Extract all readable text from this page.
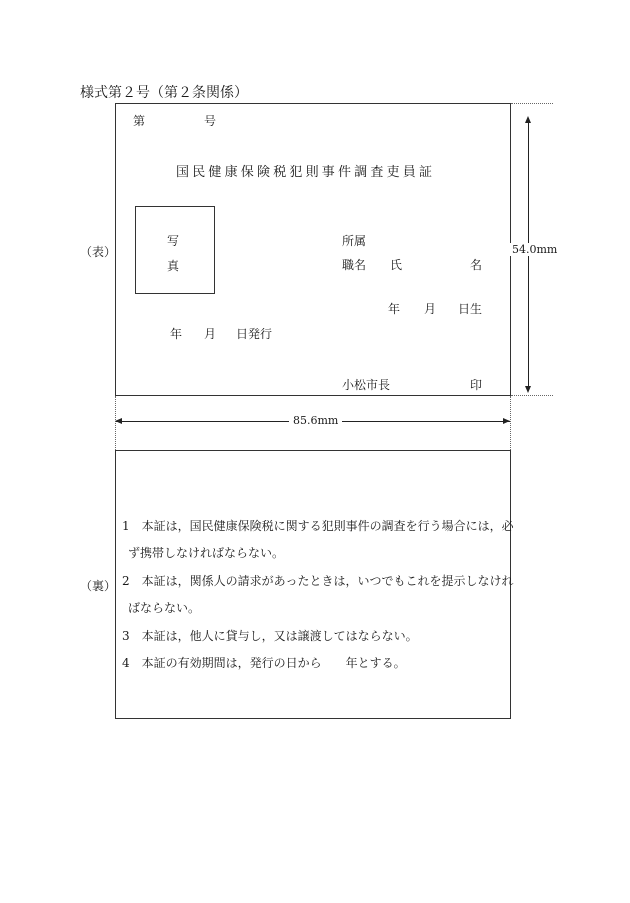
様式第２号（第２条関係）
第	号
国民健康保険税犯則事件調査吏員証
写
真
所属
職名 氏	名
年 月 日生
年 月 日発行
小松市長	印
（表）	54.0mm
85.6mm
1　本証は，国民健康保険税に関する犯則事件の調査を行う場合には，必
ず携帯しなければならない。
2　本証は，関係人の請求があったときは，いつでもこれを提示しなけれ
ばならない。
3　本証は，他人に貸与し，又は譲渡してはならない。
4　本証の有効期間は，発行の日から　　年とする。
（裏）
